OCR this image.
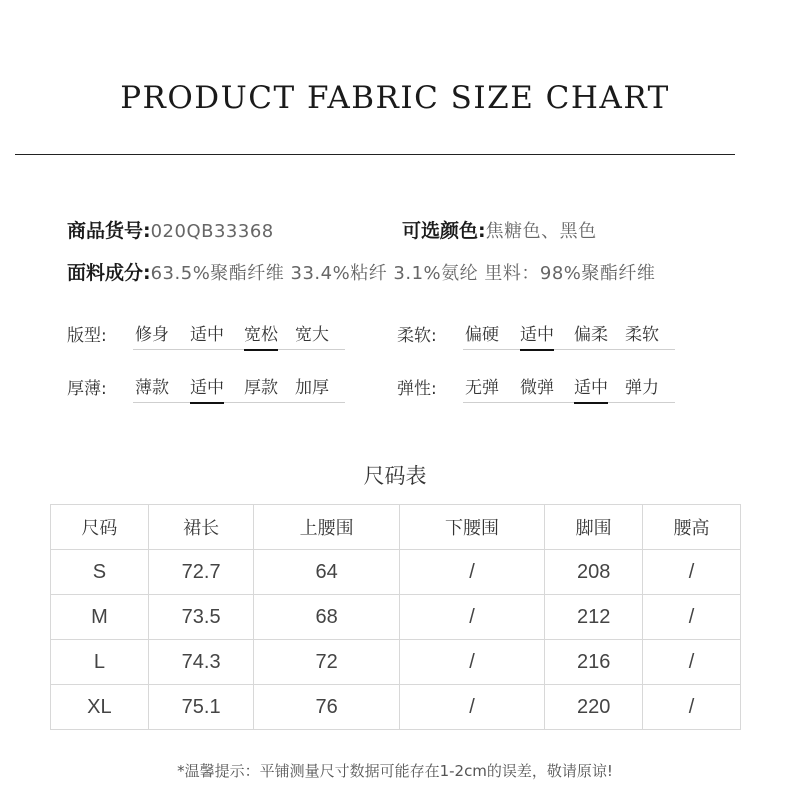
PRODUCT FABRIC SIZE CHART
商品货号:020QB33368	可选颜色:焦糖色、黑色
面料成分:63.5%聚酯纤维 33.4%粘纤 3.1%氨纶 里料：98%聚酯纤维
版型: 修身 适中 宽松 宽大	柔软: 偏硬 适中 偏柔 柔软
厚薄: 薄款 适中 厚款 加厚	弹性: 无弹 微弹 适中 弹力
尺码表
尺码	裙长	上腰围	下腰围	脚围	腰高
S	72.7	64	/	208	/
M	73.5	68	/	212	/
L	74.3	72	/	216	/
XL	75.1	76	/	220	/
*温馨提示：平铺测量尺寸数据可能存在1-2cm的误差，敬请原谅!
